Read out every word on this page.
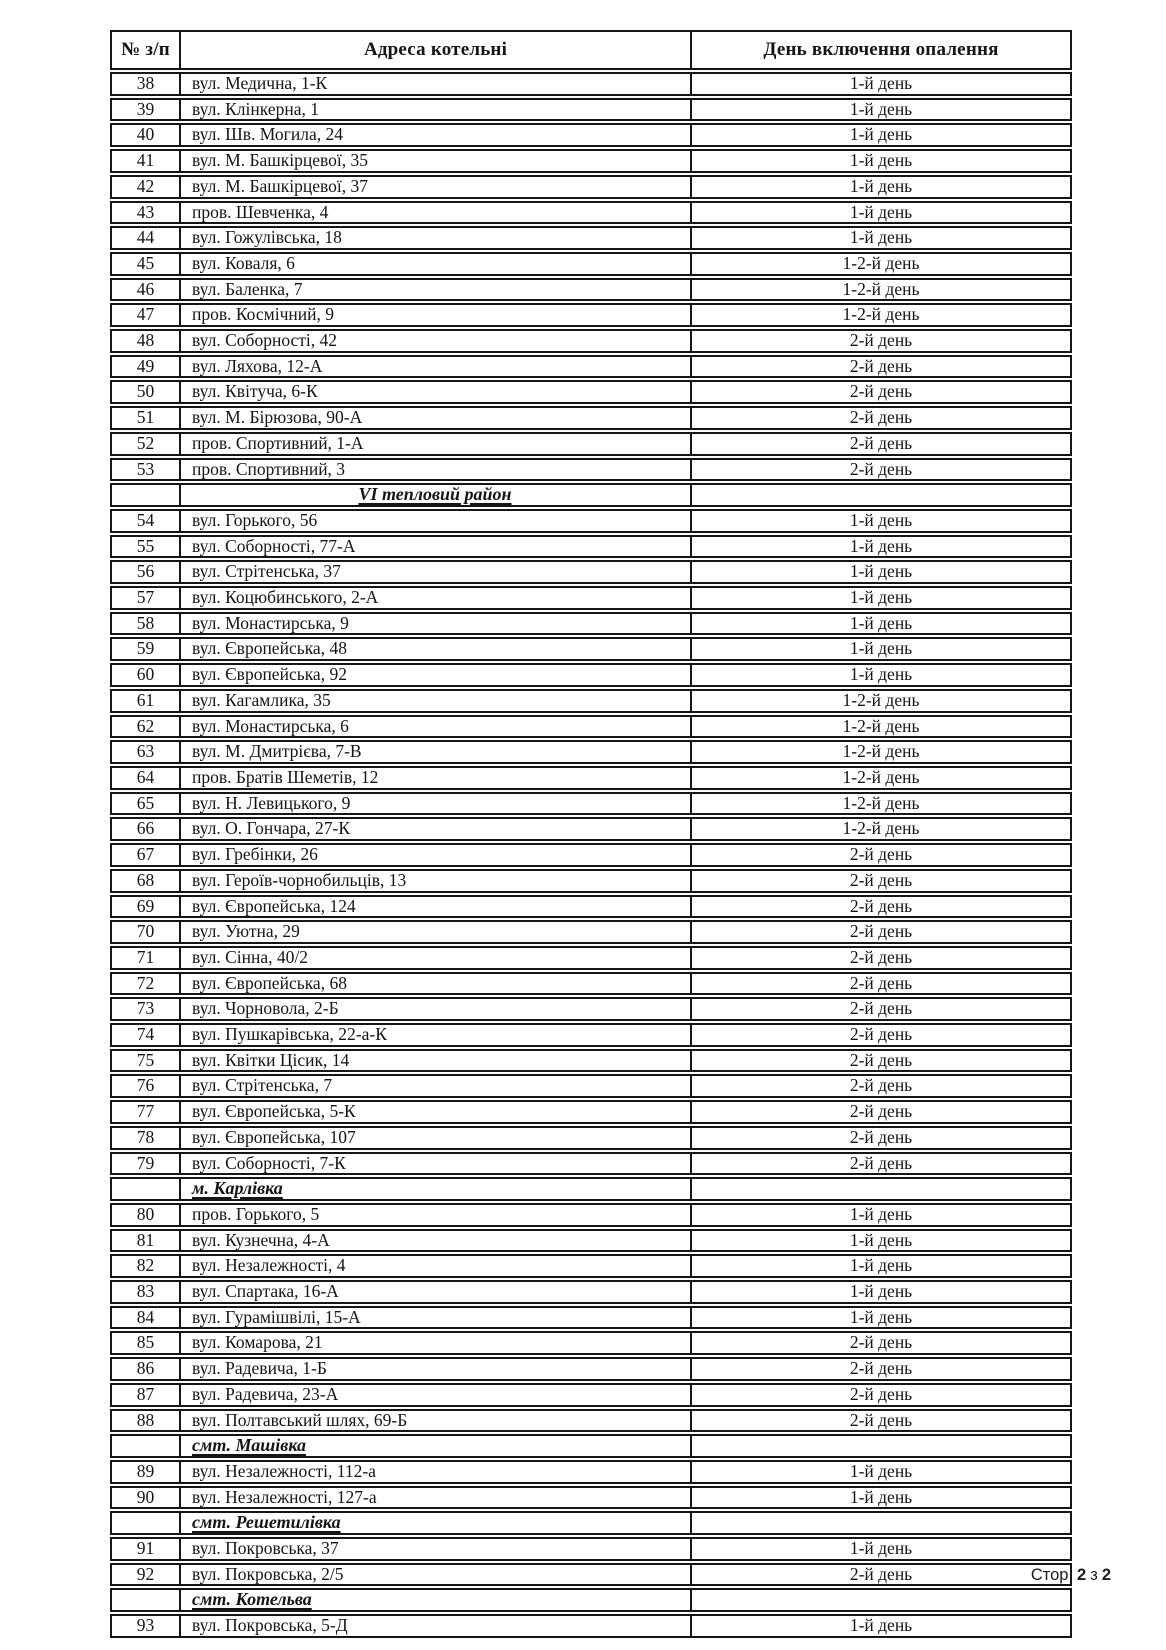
№ з/п	Адреса котельні	День включення опалення
38	вул. Медична, 1-К	1-й день
39	вул. Клінкерна, 1	1-й день
40	вул. Шв. Могила, 24	1-й день
41	вул. М. Башкірцевої, 35	1-й день
42	вул. М. Башкірцевої, 37	1-й день
43	пров. Шевченка, 4	1-й день
44	вул. Гожулівська, 18	1-й день
45	вул. Коваля, 6	1-2-й день
46	вул. Баленка, 7	1-2-й день
47	пров. Космічний, 9	1-2-й день
48	вул. Соборності, 42	2-й день
49	вул. Ляхова, 12-А	2-й день
50	вул. Квітуча, 6-К	2-й день
51	вул. М. Бірюзова, 90-А	2-й день
52	пров. Спортивний, 1-А	2-й день
53	пров. Спортивний, 3	2-й день
	VI тепловий район	
54	вул. Горького, 56	1-й день
55	вул. Соборності, 77-А	1-й день
56	вул. Стрітенська, 37	1-й день
57	вул. Коцюбинського, 2-А	1-й день
58	вул. Монастирська, 9	1-й день
59	вул. Європейська, 48	1-й день
60	вул. Європейська, 92	1-й день
61	вул. Кагамлика, 35	1-2-й день
62	вул. Монастирська, 6	1-2-й день
63	вул. М. Дмитрієва, 7-В	1-2-й день
64	пров. Братів Шеметів, 12	1-2-й день
65	вул. Н. Левицького, 9	1-2-й день
66	вул. О. Гончара, 27-К	1-2-й день
67	вул. Гребінки, 26	2-й день
68	вул. Героїв-чорнобильців, 13	2-й день
69	вул. Європейська, 124	2-й день
70	вул. Уютна, 29	2-й день
71	вул. Сінна, 40/2	2-й день
72	вул. Європейська, 68	2-й день
73	вул. Чорновола, 2-Б	2-й день
74	вул. Пушкарівська, 22-а-К	2-й день
75	вул. Квітки Цісик, 14	2-й день
76	вул. Стрітенська, 7	2-й день
77	вул. Європейська, 5-К	2-й день
78	вул. Європейська, 107	2-й день
79	вул. Соборності, 7-К	2-й день
	м. Карлівка	
80	пров. Горького, 5	1-й день
81	вул. Кузнечна, 4-А	1-й день
82	вул. Незалежності, 4	1-й день
83	вул. Спартака, 16-А	1-й день
84	вул. Гурамішвілі, 15-А	1-й день
85	вул. Комарова, 21	2-й день
86	вул. Радевича, 1-Б	2-й день
87	вул. Радевича, 23-А	2-й день
88	вул. Полтавський шлях, 69-Б	2-й день
	смт. Машівка	
89	вул. Незалежності, 112-а	1-й день
90	вул. Незалежності, 127-а	1-й день
	смт. Решетилівка	
91	вул. Покровська, 37	1-й день
92	вул. Покровська, 2/5	2-й день
	смт. Котельва	
93	вул. Покровська, 5-Д	1-й день
Стор. 2 з 2
